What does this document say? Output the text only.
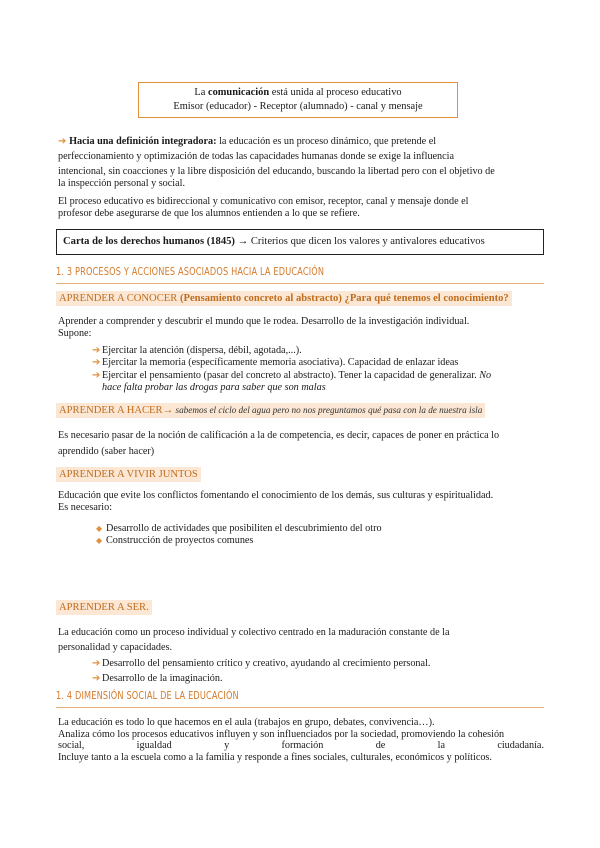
La comunicación está unida al proceso educativo
Emisor (educador) - Receptor (alumnado) - canal y mensaje
➔ Hacia una definición integradora: la educación es un proceso dinámico, que pretende el
perfeccionamiento y optimización de todas las capacidades humanas donde se exige la influencia
intencional, sin coacciones y la libre disposición del educando, buscando la libertad pero con el objetivo de
la inspección personal y social.
El proceso educativo es bidireccional y comunicativo con emisor, receptor, canal y mensaje donde el
profesor debe asegurarse de que los alumnos entienden a lo que se refiere.
Carta de los derechos humanos (1845) → Criterios que dicen los valores y antivalores educativos
1. 3 PROCESOS Y ACCIONES ASOCIADOS HACIA LA EDUCACIÓN
APRENDER A CONOCER (Pensamiento concreto al abstracto) ¿Para qué tenemos el conocimiento?
Aprender a comprender y descubrir el mundo que le rodea. Desarrollo de la investigación individual.
Supone:
➔ Ejercitar la atención (dispersa, débil, agotada,...).
➔ Ejercitar la memoria (específicamente memoria asociativa). Capacidad de enlazar ideas
➔ Ejercitar el pensamiento (pasar del concreto al abstracto). Tener la capacidad de generalizar. No
hace falta probar las drogas para saber que son malas
APRENDER A HACER→ sabemos el ciclo del agua pero no nos preguntamos qué pasa con la de nuestra isla
Es necesario pasar de la noción de calificación a la de competencia, es decir, capaces de poner en práctica lo
aprendido (saber hacer)
APRENDER A VIVIR JUNTOS
Educación que evite los conflictos fomentando el conocimiento de los demás, sus culturas y espiritualidad.
Es necesario:
◆ Desarrollo de actividades que posibiliten el descubrimiento del otro
◆ Construcción de proyectos comunes
APRENDER A SER.
La educación como un proceso individual y colectivo centrado en la maduración constante de la
personalidad y capacidades.
➔ Desarrollo del pensamiento crítico y creativo, ayudando al crecimiento personal.
➔ Desarrollo de la imaginación.
1. 4 DIMENSIÓN SOCIAL DE LA EDUCACIÓN
La educación es todo lo que hacemos en el aula (trabajos en grupo, debates, convivencia…).
Analiza cómo los procesos educativos influyen y son influenciados por la sociedad, promoviendo la cohesión
social,	igualdad	y	formación	de	la	ciudadanía.
Incluye tanto a la escuela como a la familia y responde a fines sociales, culturales, económicos y políticos.
